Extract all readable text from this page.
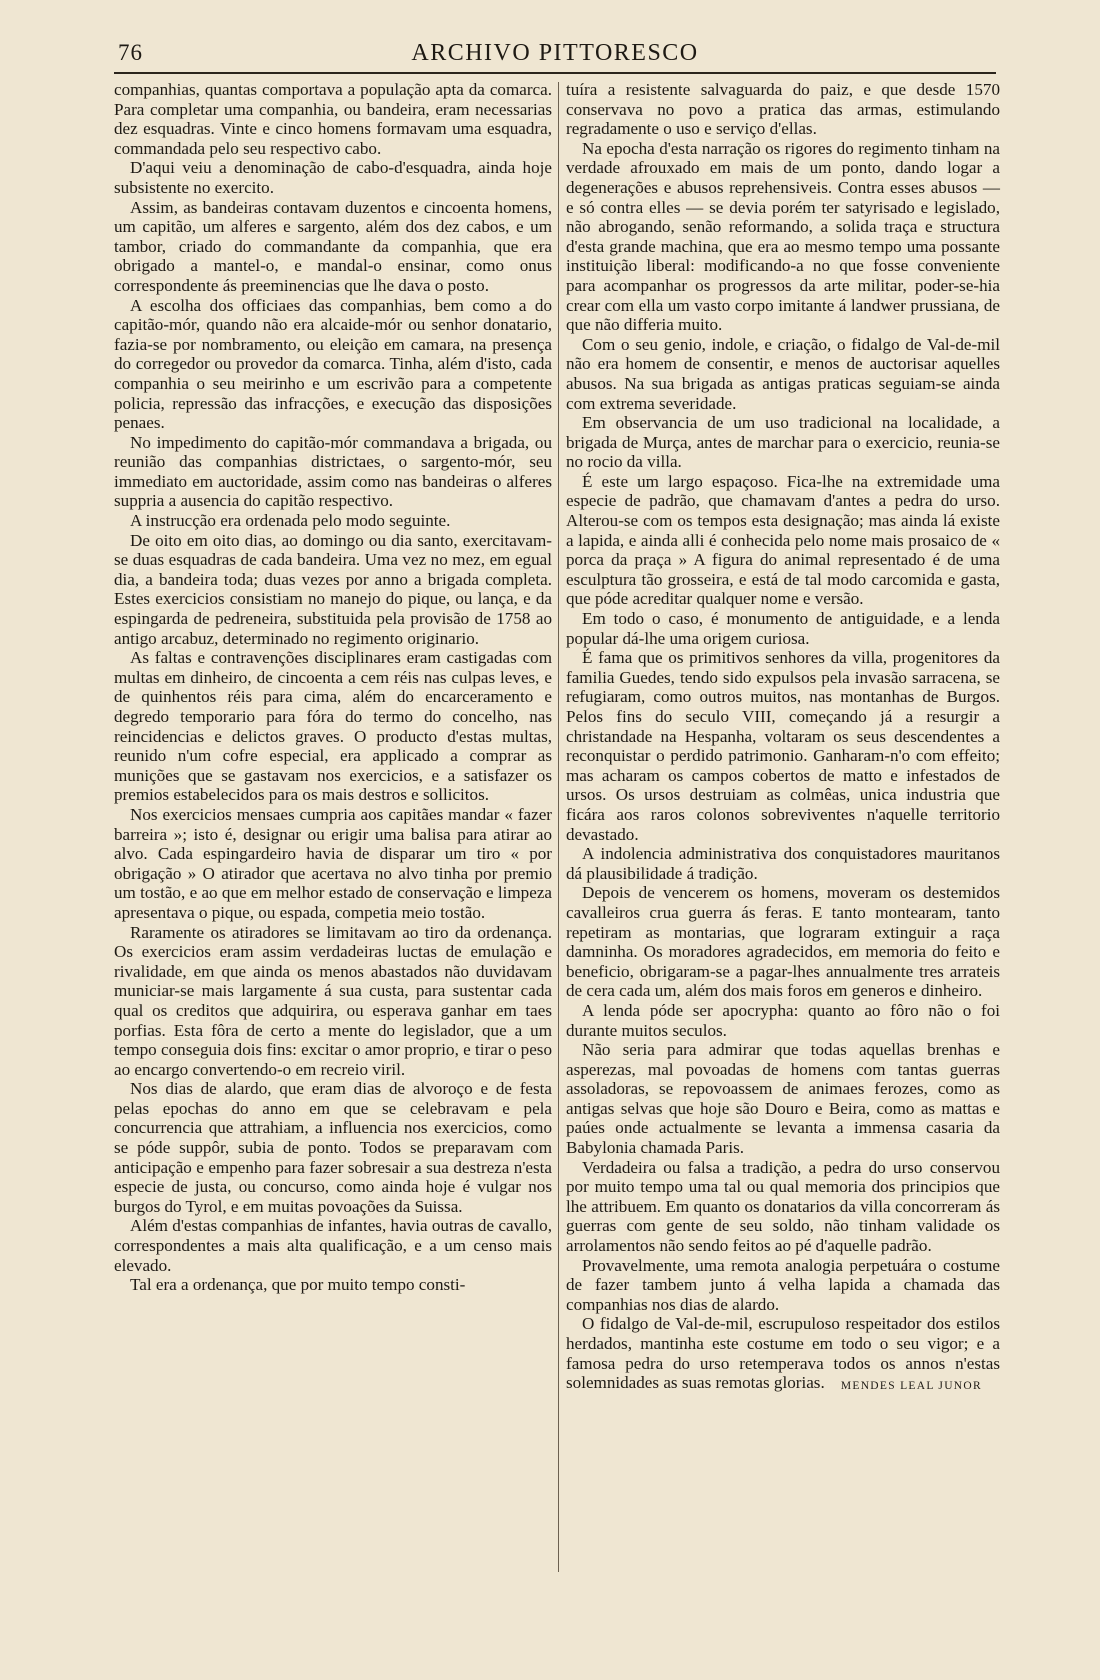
76	ARCHIVO PITTORESCO

companhias, quantas comportava a população apta da comarca. Para completar uma companhia, ou bandeira, eram necessarias dez esquadras. Vinte e cinco homens formavam uma esquadra, commandada pelo seu respectivo cabo.

D'aqui veiu a denominação de cabo-d'esquadra, ainda hoje subsistente no exercito.

Assim, as bandeiras contavam duzentos e cincoenta homens, um capitão, um alferes e sargento, além dos dez cabos, e um tambor, criado do commandante da companhia, que era obrigado a mantel-o, e mandal-o ensinar, como onus correspondente ás preeminencias que lhe dava o posto.

A escolha dos officiaes das companhias, bem como a do capitão-mór, quando não era alcaide-mór ou senhor donatario, fazia-se por nombramento, ou eleição em camara, na presença do corregedor ou provedor da comarca. Tinha, além d'isto, cada companhia o seu meirinho e um escrivão para a competente policia, repressão das infracções, e execução das disposições penaes.

No impedimento do capitão-mór commandava a brigada, ou reunião das companhias districtaes, o sargento-mór, seu immediato em auctoridade, assim como nas bandeiras o alferes suppria a ausencia do capitão respectivo.

A instrucção era ordenada pelo modo seguinte.

De oito em oito dias, ao domingo ou dia santo, exercitavam-se duas esquadras de cada bandeira. Uma vez no mez, em egual dia, a bandeira toda; duas vezes por anno a brigada completa. Estes exercicios consistiam no manejo do pique, ou lança, e da espingarda de pedreneira, substituida pela provisão de 1758 ao antigo arcabuz, determinado no regimento originario.

As faltas e contravenções disciplinares eram castigadas com multas em dinheiro, de cincoenta a cem réis nas culpas leves, e de quinhentos réis para cima, além do encarceramento e degredo temporario para fóra do termo do concelho, nas reincidencias e delictos graves. O producto d'estas multas, reunido n'um cofre especial, era applicado a comprar as munições que se gastavam nos exercicios, e a satisfazer os premios estabelecidos para os mais destros e sollicitos.

Nos exercicios mensaes cumpria aos capitães mandar « fazer barreira »; isto é, designar ou erigir uma balisa para atirar ao alvo. Cada espingardeiro havia de disparar um tiro « por obrigação » O atirador que acertava no alvo tinha por premio um tostão, e ao que em melhor estado de conservação e limpeza apresentava o pique, ou espada, competia meio tostão.

Raramente os atiradores se limitavam ao tiro da ordenança. Os exercicios eram assim verdadeiras luctas de emulação e rivalidade, em que ainda os menos abastados não duvidavam municiar-se mais largamente á sua custa, para sustentar cada qual os creditos que adquirira, ou esperava ganhar em taes porfias. Esta fôra de certo a mente do legislador, que a um tempo conseguia dois fins: excitar o amor proprio, e tirar o peso ao encargo convertendo-o em recreio viril.

Nos dias de alardo, que eram dias de alvoroço e de festa pelas epochas do anno em que se celebravam e pela concurrencia que attrahiam, a influencia nos exercicios, como se póde suppôr, subia de ponto. Todos se preparavam com anticipação e empenho para fazer sobresair a sua destreza n'esta especie de justa, ou concurso, como ainda hoje é vulgar nos burgos do Tyrol, e em muitas povoações da Suissa.

Além d'estas companhias de infantes, havia outras de cavallo, correspondentes a mais alta qualificação, e a um censo mais elevado.

Tal era a ordenança, que por muito tempo consti-

tuíra a resistente salvaguarda do paiz, e que desde 1570 conservava no povo a pratica das armas, estimulando regradamente o uso e serviço d'ellas.

Na epocha d'esta narração os rigores do regimento tinham na verdade afrouxado em mais de um ponto, dando logar a degenerações e abusos reprehensiveis. Contra esses abusos — e só contra elles — se devia porém ter satyrisado e legislado, não abrogando, senão reformando, a solida traça e structura d'esta grande machina, que era ao mesmo tempo uma possante instituição liberal: modificando-a no que fosse conveniente para acompanhar os progressos da arte militar, poder-se-hia crear com ella um vasto corpo imitante á landwer prussiana, de que não differia muito.

Com o seu genio, indole, e criação, o fidalgo de Val-de-mil não era homem de consentir, e menos de auctorisar aquelles abusos. Na sua brigada as antigas praticas seguiam-se ainda com extrema severidade.

Em observancia de um uso tradicional na localidade, a brigada de Murça, antes de marchar para o exercicio, reunia-se no rocio da villa.

É este um largo espaçoso. Fica-lhe na extremidade uma especie de padrão, que chamavam d'antes a pedra do urso. Alterou-se com os tempos esta designação; mas ainda lá existe a lapida, e ainda alli é conhecida pelo nome mais prosaico de « porca da praça » A figura do animal representado é de uma esculptura tão grosseira, e está de tal modo carcomida e gasta, que póde acreditar qualquer nome e versão.

Em todo o caso, é monumento de antiguidade, e a lenda popular dá-lhe uma origem curiosa.

É fama que os primitivos senhores da villa, progenitores da familia Guedes, tendo sido expulsos pela invasão sarracena, se refugiaram, como outros muitos, nas montanhas de Burgos. Pelos fins do seculo VIII, começando já a resurgir a christandade na Hespanha, voltaram os seus descendentes a reconquistar o perdido patrimonio. Ganharam-n'o com effeito; mas acharam os campos cobertos de matto e infestados de ursos. Os ursos destruiam as colmêas, unica industria que ficára aos raros colonos sobreviventes n'aquelle territorio devastado.

A indolencia administrativa dos conquistadores mauritanos dá plausibilidade á tradição.

Depois de vencerem os homens, moveram os destemidos cavalleiros crua guerra ás feras. E tanto montearam, tanto repetiram as montarias, que lograram extinguir a raça damninha. Os moradores agradecidos, em memoria do feito e beneficio, obrigaram-se a pagar-lhes annualmente tres arrateis de cera cada um, além dos mais foros em generos e dinheiro.

A lenda póde ser apocrypha: quanto ao fôro não o foi durante muitos seculos.

Não seria para admirar que todas aquellas brenhas e asperezas, mal povoadas de homens com tantas guerras assoladoras, se repovoassem de animaes ferozes, como as antigas selvas que hoje são Douro e Beira, como as mattas e paúes onde actualmente se levanta a immensa casaria da Babylonia chamada Paris.

Verdadeira ou falsa a tradição, a pedra do urso conservou por muito tempo uma tal ou qual memoria dos principios que lhe attribuem. Em quanto os donatarios da villa concorreram ás guerras com gente de seu soldo, não tinham validade os arrolamentos não sendo feitos ao pé d'aquelle padrão.

Provavelmente, uma remota analogia perpetuára o costume de fazer tambem junto á velha lapida a chamada das companhias nos dias de alardo.

O fidalgo de Val-de-mil, escrupuloso respeitador dos estilos herdados, mantinha este costume em todo o seu vigor; e a famosa pedra do urso retemperava todos os annos n'estas solemnidades as suas remotas glorias.	MENDES LEAL JUNOR
